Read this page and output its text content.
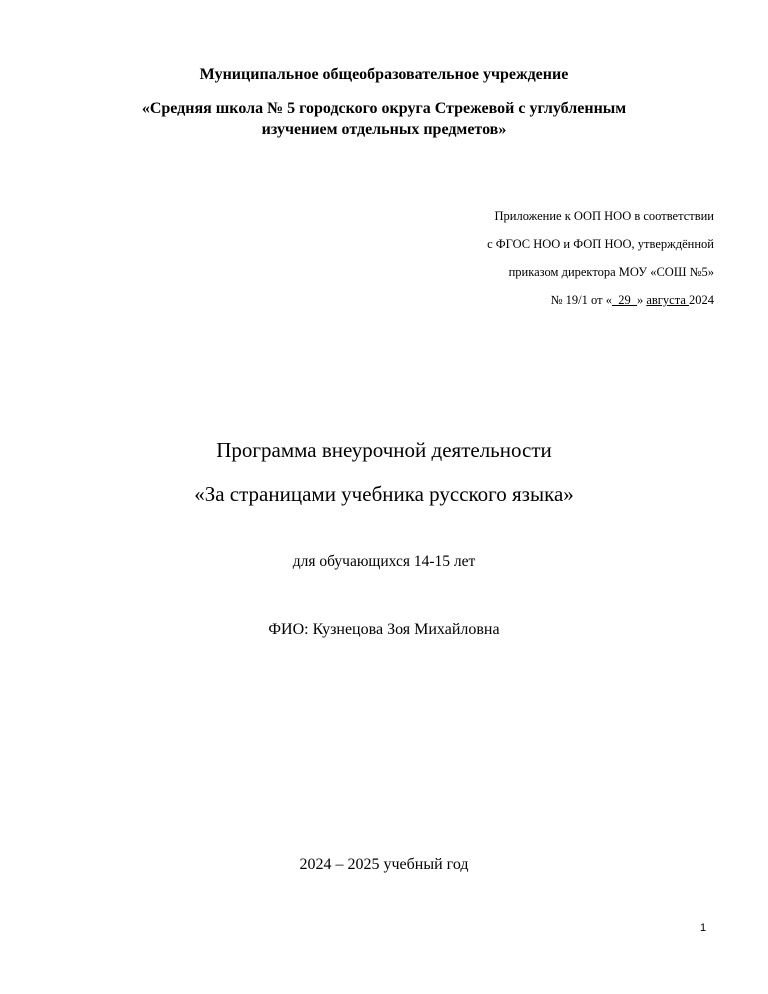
Муниципальное общеобразовательное учреждение
«Средняя школа № 5 городского округа Стрежевой с углубленным
изучением отдельных предметов»
Приложение к ООП НОО в соответствии
с ФГОС НОО и ФОП НОО, утверждённой
приказом директора МОУ «СОШ №5»
№ 19/1 от «_29_» августа 2024
Программа внеурочной деятельности
«За страницами учебника русского языка»
для обучающихся 14-15 лет
ФИО: Кузнецова Зоя Михайловна
2024 – 2025 учебный год
1
